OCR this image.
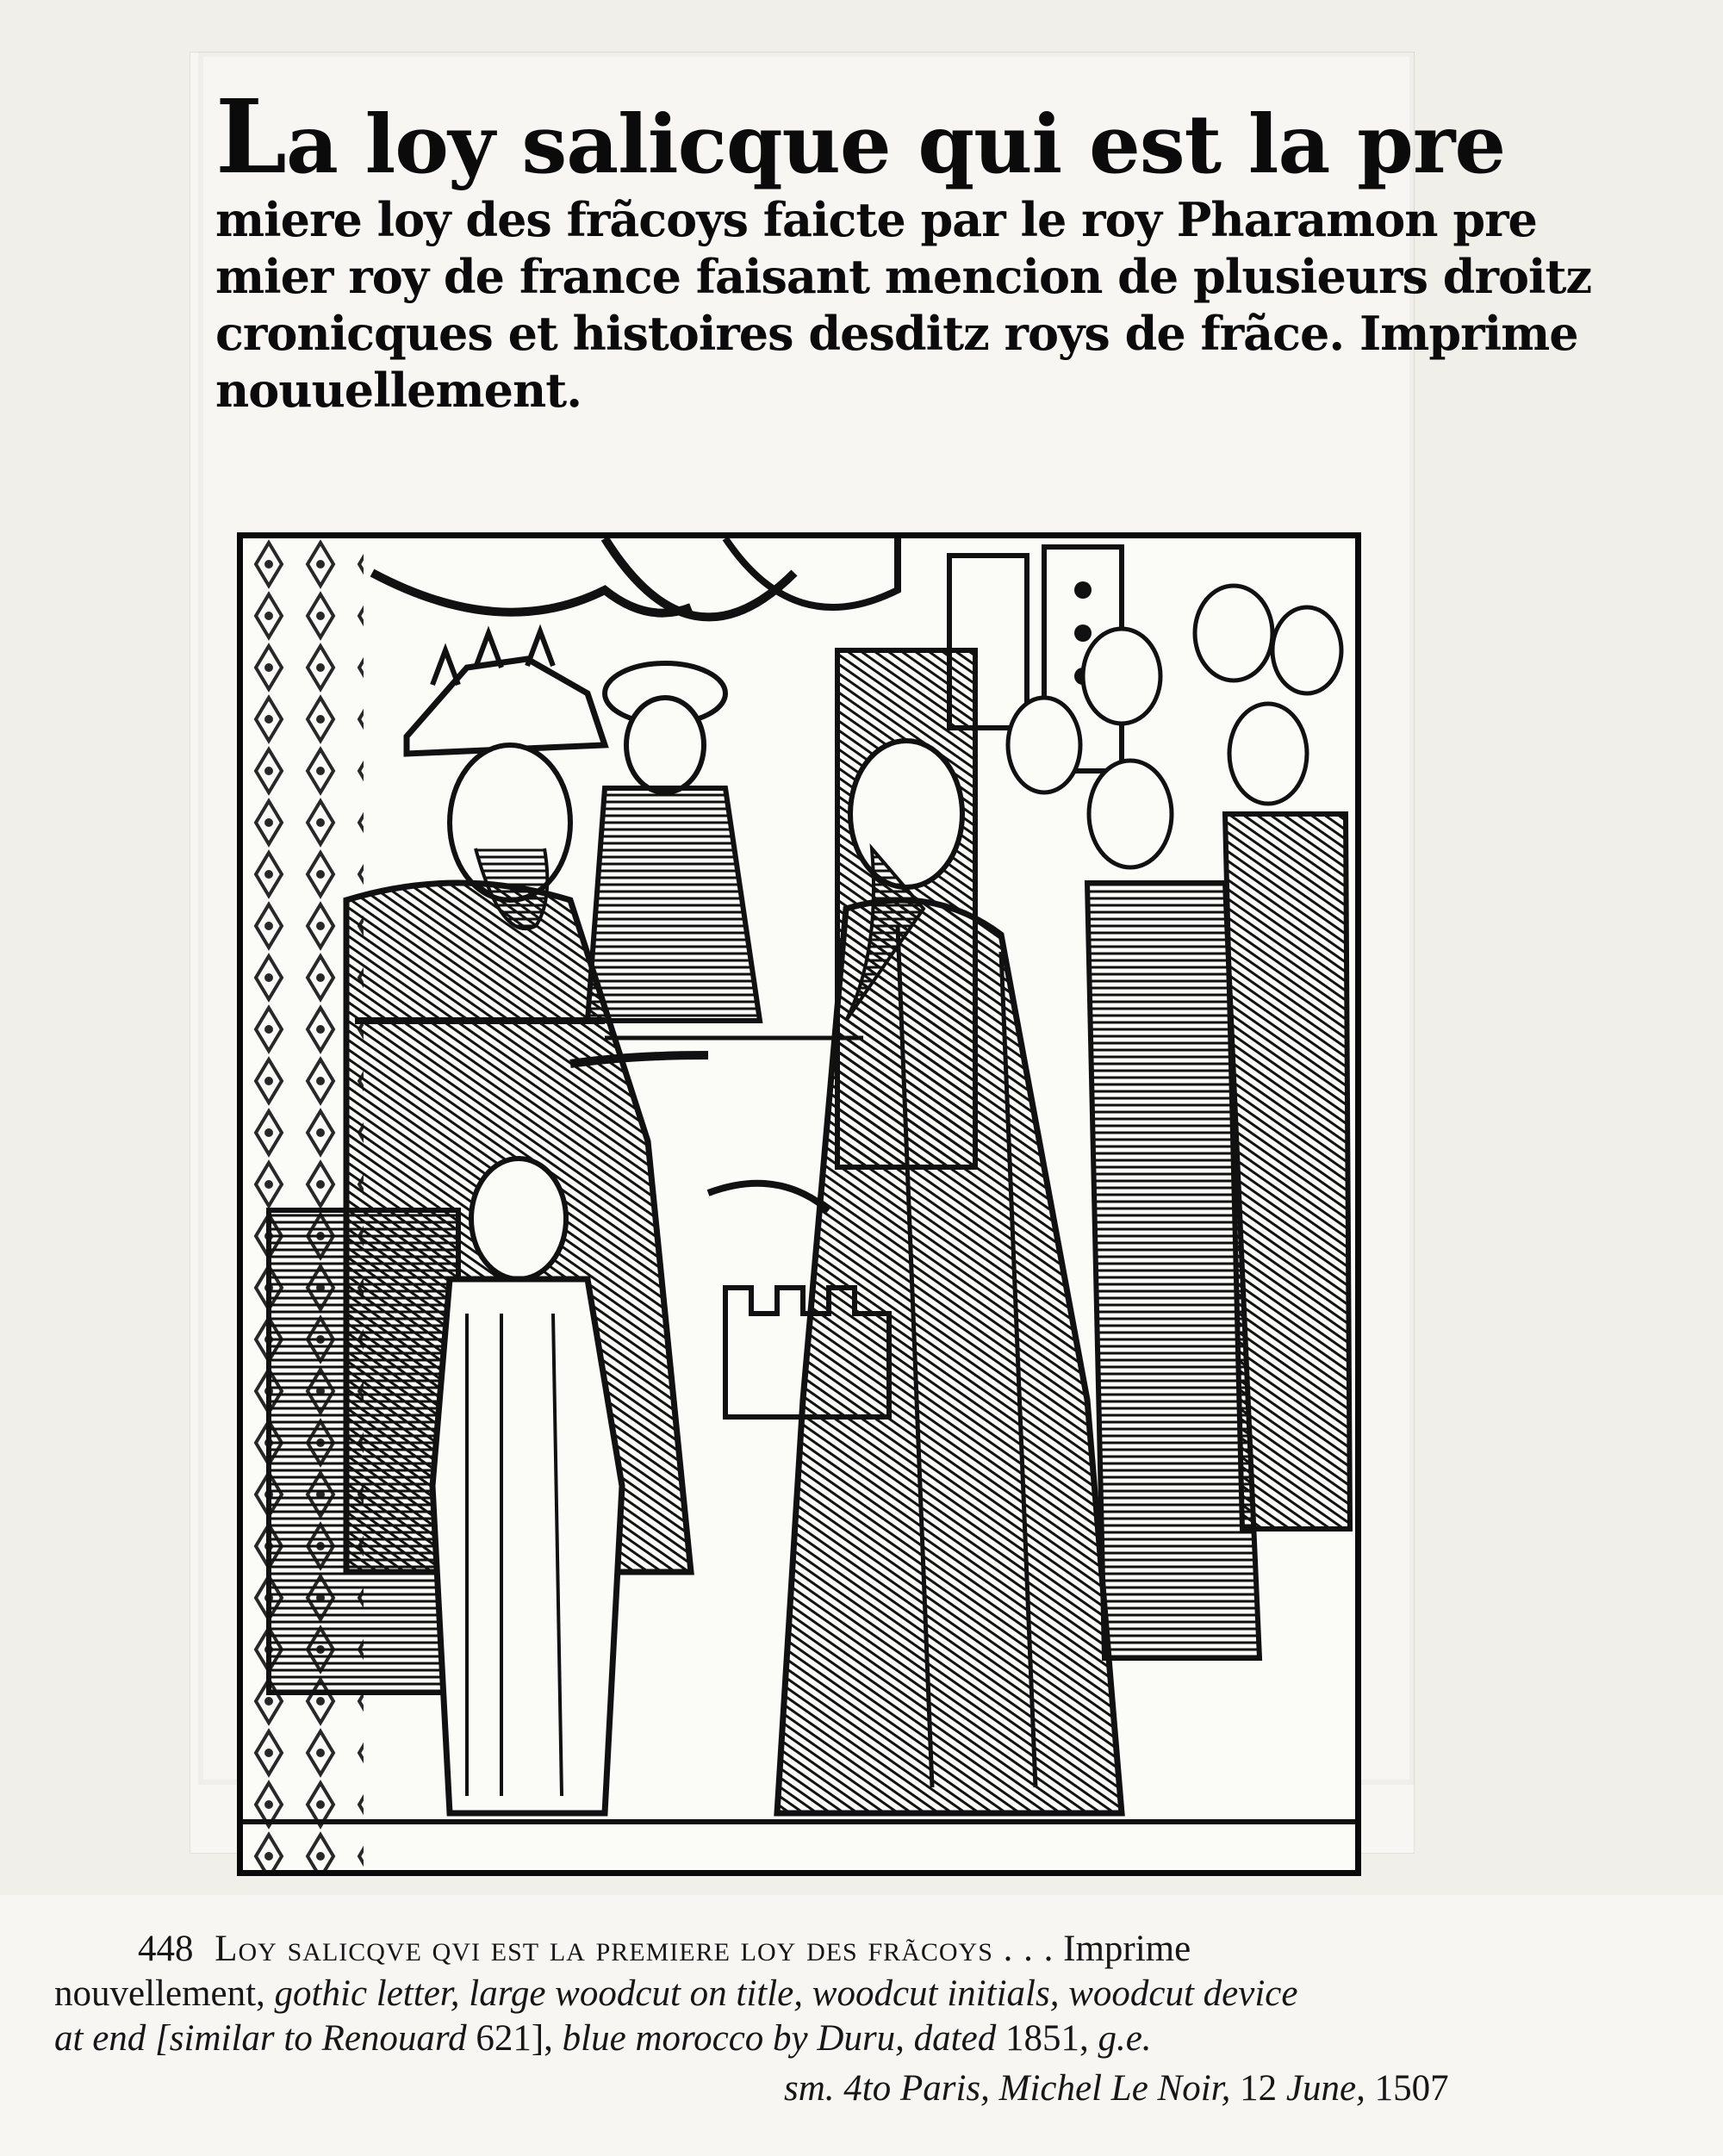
La loy salicque qui est la pre
miere loy des frãcoys faicte par le roy Pharamon pre
mier roy de france faisant mencion de plusieurs droitz
cronicques et histoires desditz roys de frãce. Imprime
nouuellement.
448 Loy salicqve qvi est la premiere loy des frãcoys . . . Imprime
nouvellement, gothic letter, large woodcut on title, woodcut initials, woodcut device
at end [similar to Renouard 621], blue morocco by Duru, dated 1851, g.e.
sm. 4to Paris, Michel Le Noir, 12 June, 1507
